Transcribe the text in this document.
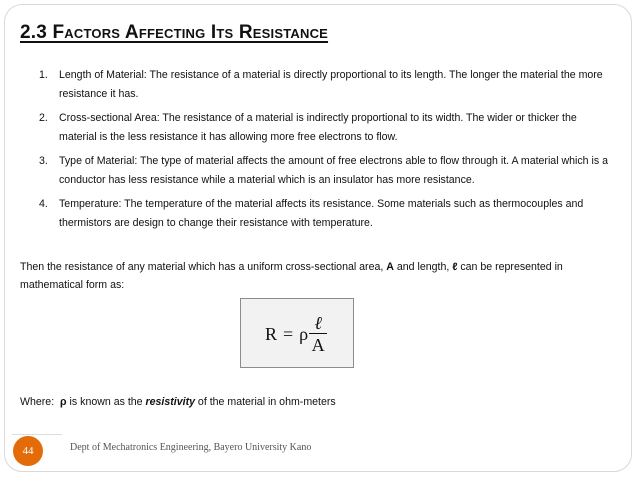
2.3 Factors Affecting Its Resistance
1.	Length of Material: The resistance of a material is directly proportional to its length. The longer the material the more resistance it has.
2.	Cross-sectional Area: The resistance of a material is indirectly proportional to its width. The wider or thicker the material is the less resistance it has allowing more free electrons to flow.
3.	Type of Material: The type of material affects the amount of free electrons able to flow through it. A material which is a conductor has less resistance while a material which is an insulator has more resistance.
4.	Temperature: The temperature of the material affects its resistance. Some materials such as thermocouples and thermistors are design to change their resistance with temperature.
Then the resistance of any material which has a uniform cross-sectional area, A and length, ℓ can be represented in mathematical form as:
R = ρ $\frac{\text{ℓ}}{A}$
Where: ρ is known as the resistivity of the material in ohm-meters
44	Dept of Mechatronics Engineering, Bayero University Kano
